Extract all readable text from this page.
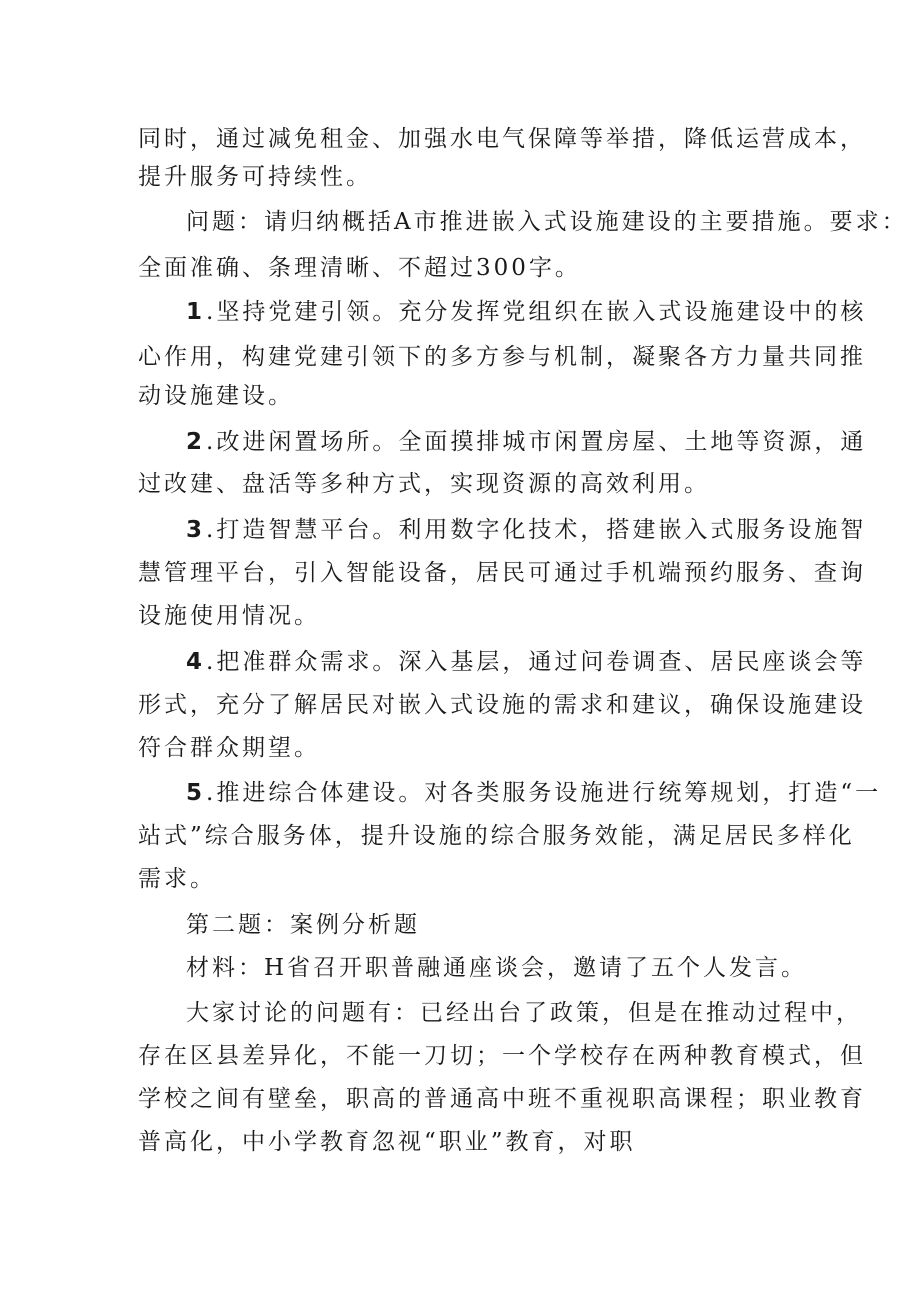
同时，通过减免租金、加强水电气保障等举措，降低运营成本，
提升服务可持续性。
问题：请归纳概括A市推进嵌入式设施建设的主要措施。要求：
全面准确、条理清晰、不超过300字。
1.坚持党建引领。充分发挥党组织在嵌入式设施建设中的核
心作用，构建党建引领下的多方参与机制，凝聚各方力量共同推
动设施建设。
2.改进闲置场所。全面摸排城市闲置房屋、土地等资源，通
过改建、盘活等多种方式，实现资源的高效利用。
3.打造智慧平台。利用数字化技术，搭建嵌入式服务设施智
慧管理平台，引入智能设备，居民可通过手机端预约服务、查询
设施使用情况。
4.把准群众需求。深入基层，通过问卷调查、居民座谈会等
形式，充分了解居民对嵌入式设施的需求和建议，确保设施建设
符合群众期望。
5.推进综合体建设。对各类服务设施进行统筹规划，打造“一
站式”综合服务体，提升设施的综合服务效能，满足居民多样化
需求。
第二题：案例分析题
材料：H省召开职普融通座谈会，邀请了五个人发言。
大家讨论的问题有：已经出台了政策，但是在推动过程中，
存在区县差异化，不能一刀切；一个学校存在两种教育模式，但
学校之间有壁垒，职高的普通高中班不重视职高课程；职业教育
普高化，中小学教育忽视“职业”教育，对职
